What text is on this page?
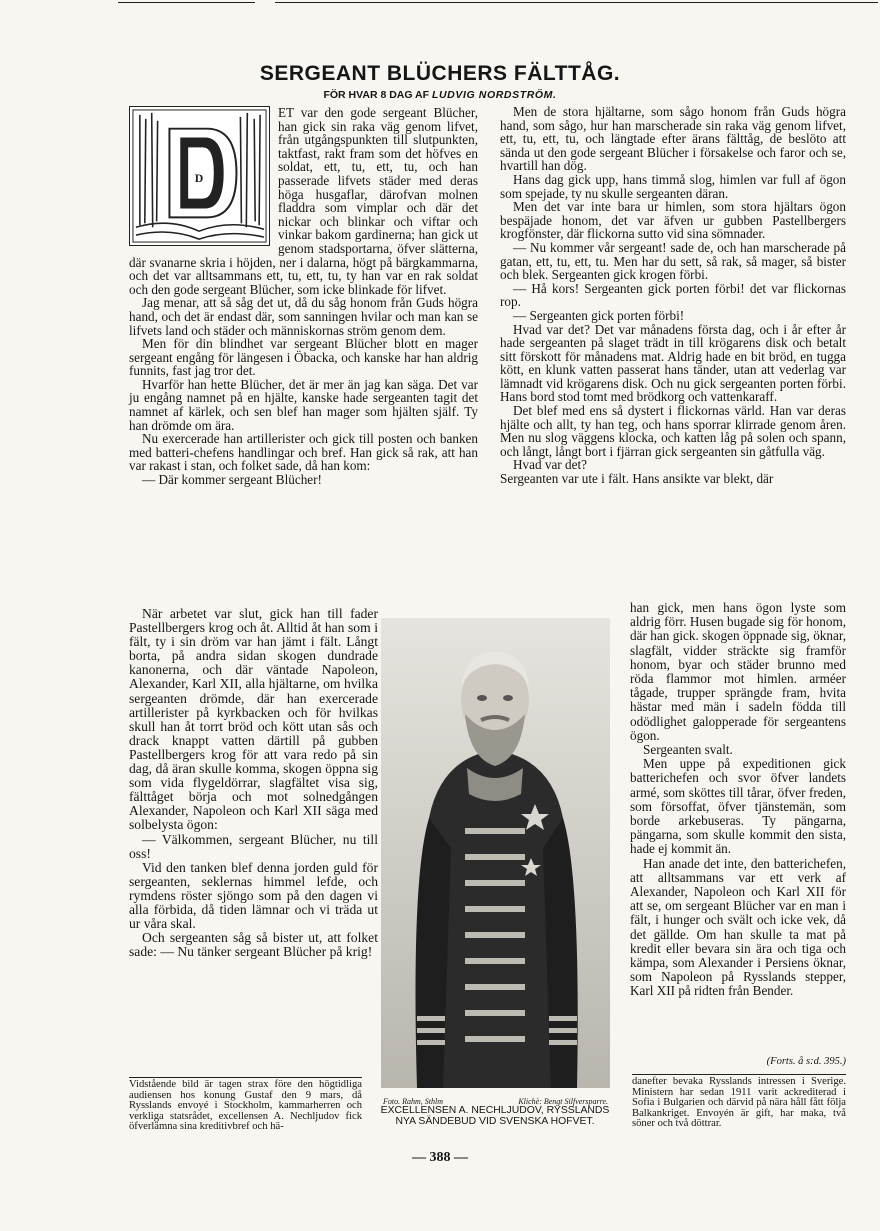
SERGEANT BLÜCHERS FÄLTTÅG.
FÖR HVAR 8 DAG AF LUDVIG NORDSTRÖM.
D

ET var den gode sergeant Blücher, han gick sin raka väg genom lifvet, från utgångspunkten till slutpunkten, taktfast, rakt fram som det höfves en soldat, ett, tu, ett, tu, och han passerade lifvets städer med deras höga husgaflar, därofvan molnen fladdra som vimplar och där det nickar och blinkar och viftar och vinkar bakom gardinerna; han gick ut genom stadsportarna, öfver slätterna, där svanarne skria i höjden, ner i dalarna, högt på bärgkammarna, och det var alltsammans ett, tu, ett, tu, ty han var en rak soldat och den gode sergeant Blücher, som icke blinkade för lifvet.

Jag menar, att så såg det ut, då du såg honom från Guds högra hand, och det är endast där, som sanningen hvilar och man kan se lifvets land och städer och människornas ström genom dem.

Men för din blindhet var sergeant Blücher blott en mager sergeant engång för längesen i Öbacka, och kanske har han aldrig funnits, fast jag tror det.

Hvarför han hette Blücher, det är mer än jag kan säga. Det var ju engång namnet på en hjälte, kanske hade sergeanten tagit det namnet af kärlek, och sen blef han mager som hjälten själf. Ty han drömde om ära.

Nu exercerade han artillerister och gick till posten och banken med batteri-chefens handlingar och bref. Han gick så rak, att han var rakast i stan, och folket sade, då han kom:

— Där kommer sergeant Blücher!

När arbetet var slut, gick han till fader Pastellbergers krog och åt. Alltid åt han som i fält, ty i sin dröm var han jämt i fält. Långt borta, på andra sidan skogen dundrade kanonerna, och där väntade Napoleon, Alexander, Karl XII, alla hjältarne, om hvilka sergeanten drömde, där han exercerade artillerister på kyrkbacken och för hvilkas skull han åt torrt bröd och kött utan sås och drack knappt vatten därtill på gubben Pastellbergers krog för att vara redo på sin dag, då äran skulle komma, skogen öppna sig som vida flygeldörrar, slagfältet visa sig, fälttåget börja och mot solnedgången Alexander, Napoleon och Karl XII säga med solbelysta ögon:

— Välkommen, sergeant Blücher, nu till oss!

Vid den tanken blef denna jorden guld för sergeanten, seklernas himmel lefde, och rymdens röster sjöngo som på den dagen vi alla förbida, då tiden lämnar och vi träda ut ur våra skal.

Och sergeanten såg så bister ut, att folket sade: — Nu tänker sergeant Blücher på krig!

Men de stora hjältarne, som sågo honom från Guds högra hand, som sågo, hur han marscherade sin raka väg genom lifvet, ett, tu, ett, tu, och längtade efter ärans fälttåg, de beslöto att sända ut den gode sergeant Blücher i försakelse och faror och se, hvartill han dög.

Hans dag gick upp, hans timmå slog, himlen var full af ögon som spejade, ty nu skulle sergeanten däran.

Men det var inte bara ur himlen, som stora hjältars ögon bespäjade honom, det var äfven ur gubben Pastellbergers krogfönster, där flickorna sutto vid sina sömnader.

— Nu kommer vår sergeant! sade de, och han marscherade på gatan, ett, tu, ett, tu. Men har du sett, så rak, så mager, så bister och blek. Sergeanten gick krogen förbi.

— Hå kors! Sergeanten gick porten förbi! det var flickornas rop.

— Sergeanten gick porten förbi!

Hvad var det? Det var månadens första dag, och i år efter år hade sergeanten på slaget trädt in till krögarens disk och betalt sitt förskott för månadens mat. Aldrig hade en bit bröd, en tugga kött, en klunk vatten passerat hans tänder, utan att vederlag var lämnadt vid krögarens disk. Och nu gick sergeanten porten förbi. Hans bord stod tomt med brödkorg och vattenkaraff.

Det blef med ens så dystert i flickornas värld. Han var deras hjälte och allt, ty han teg, och hans sporrar klirrade genom åren. Men nu slog väggens klocka, och katten låg på solen och spann, och långt, långt bort i fjärran gick sergeanten sin gåtfulla väg.

Hvad var det?

Sergeanten var ute i fält. Hans ansikte var blekt, där

han gick, men hans ögon lyste som aldrig förr. Husen bugade sig för honom, där han gick. skogen öppnade sig, öknar, slagfält, vidder sträckte sig framför honom, byar och städer brunno med röda flammor mot himlen. arméer tågade, trupper sprängde fram, hvita hästar med män i sadeln födda till odödlighet galopperade för sergeantens ögon.

Sergeanten svalt.

Men uppe på expeditionen gick batterichefen och svor öfver landets armé, som sköttes till tårar, öfver freden, som försoffat, öfver tjänstemän, som borde arkebuseras. Ty pängarna, pängarna, som skulle kommit den sista, hade ej kommit än.

Han anade det inte, den batterichefen, att alltsammans var ett verk af Alexander, Napoleon och Karl XII för att se, om sergeant Blücher var en man i fält, i hunger och svält och icke vek, då det gällde. Om han skulle ta mat på kredit eller bevara sin ära och tiga och kämpa, som Alexander i Persiens öknar, som Napoleon på Rysslands stepper, Karl XII på ridten från Bender.

(Forts. å s:d. 395.)
Foto. Rahm, Sthlm	Klichè: Bengt Silfversparre.
EXCELLENSEN A. NECHLJUDOV, RYSSLANDS NYA SÄNDEBUD VID SVENSKA HOFVET.
Vidstående bild är tagen strax före den högtidliga audiensen hos konung Gustaf den 9 mars, då Rysslands envoyé i Stockholm, kammarherren och verkliga statsrådet, excellensen A. Nechljudov fick öfverlämna sina kreditivbref och hä-
danefter bevaka Rysslands intressen i Sverige. Ministern har sedan 1911 varit ackrediterad i Sofia i Bulgarien och därvid på nära håll fått följa Balkankriget. Envoyén är gift, har maka, två söner och två döttrar.
— 388 —
